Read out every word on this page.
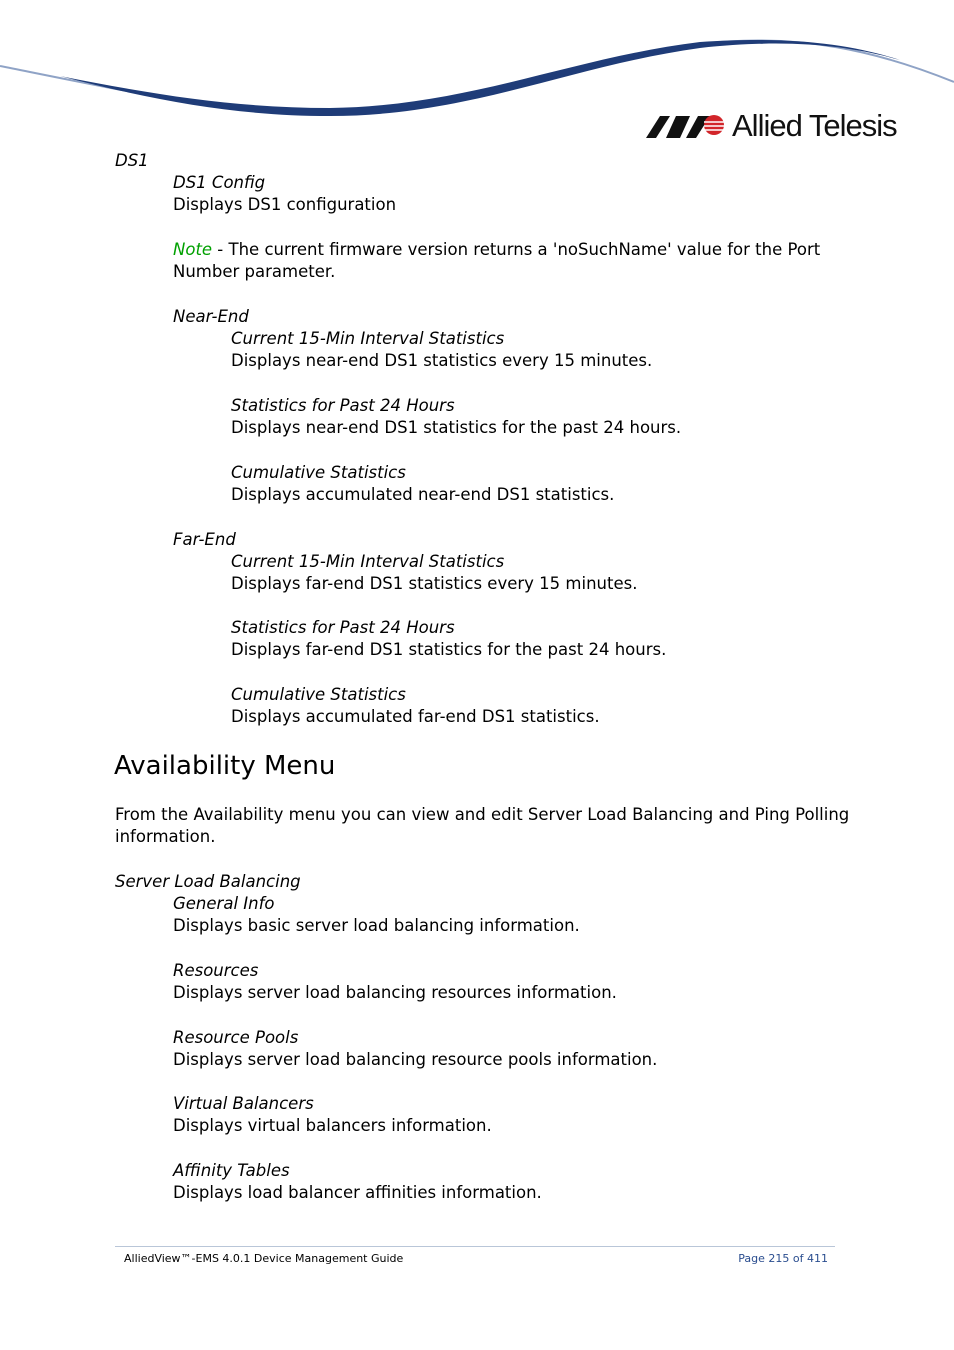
Allied Telesis
DS1
DS1 Config
Displays DS1 configuration
Note - The current firmware version returns a 'noSuchName' value for the Port
Number parameter.
Near-End
Current 15-Min Interval Statistics
Displays near-end DS1 statistics every 15 minutes.
Statistics for Past 24 Hours
Displays near-end DS1 statistics for the past 24 hours.
Cumulative Statistics
Displays accumulated near-end DS1 statistics.
Far-End
Current 15-Min Interval Statistics
Displays far-end DS1 statistics every 15 minutes.
Statistics for Past 24 Hours
Displays far-end DS1 statistics for the past 24 hours.
Cumulative Statistics
Displays accumulated far-end DS1 statistics.
Availability Menu
From the Availability menu you can view and edit Server Load Balancing and Ping Polling
information.
Server Load Balancing
General Info
Displays basic server load balancing information.
Resources
Displays server load balancing resources information.
Resource Pools
Displays server load balancing resource pools information.
Virtual Balancers
Displays virtual balancers information.
Affinity Tables
Displays load balancer affinities information.
AlliedView™-EMS 4.0.1 Device Management Guide	Page 215 of 411
